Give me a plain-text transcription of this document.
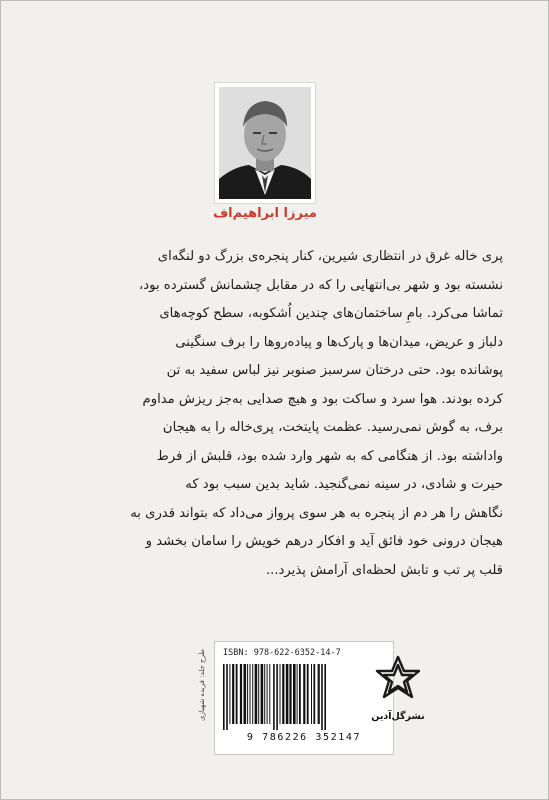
میرزا ابراهیم‌اف
پری خاله غرق در انتظاری شیرین، کنار پنجره‌ی بزرگ دو لنگه‌ای
نشسته بود و شهر بی‌انتهایی را که در مقابل چشمانش گسترده بود،
تماشا می‌کرد. بامِ ساختمان‌های چندین اُشکوبه، سطح کوچه‌های
دلباز و عریض، میدان‌ها و پارک‌ها و پیاده‌روها را برف سنگینی
پوشانده بود. حتی درختان سرسبز صنوبر نیز لباس سفید به تن
کرده بودند. هوا سرد و ساکت بود و هیچ صدایی به‌جز ریزش مداوم
برف، به گوش نمی‌رسید. عظمت پایتخت، پری‌خاله را به هیجان
واداشته بود. از هنگامی که به شهر وارد شده بود، قلبش از فرط
حیرت و شادی، در سینه نمی‌گنجید. شاید بدین سبب بود که
نگاهش را هر دم از پنجره به هر سوی پرواز می‌داد که بتواند قدری به
هیجان درونی خود فائق آید و افکار درهم خویش را سامان بخشد و
قلب پر تب و تابش لحظه‌ای آرامش پذیرد...
طرح جلد: فریده شهبازی ISBN: 978-622-6352-14-7
9 786226 352147
نشرگل‌آذین
